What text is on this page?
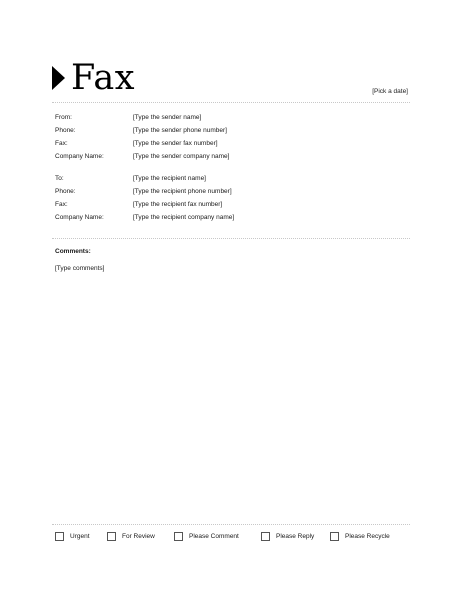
Fax	[Pick a date]
From:	[Type the sender name]
Phone:	[Type the sender phone number]
Fax:	[Type the sender fax number]
Company Name:	[Type the sender company name]
To:	[Type the recipient name]
Phone:	[Type the recipient phone number]
Fax:	[Type the recipient fax number]
Company Name:	[Type the recipient company name]
Comments:
[Type comments]
Urgent	For Review	Please Comment	Please Reply	Please Recycle
